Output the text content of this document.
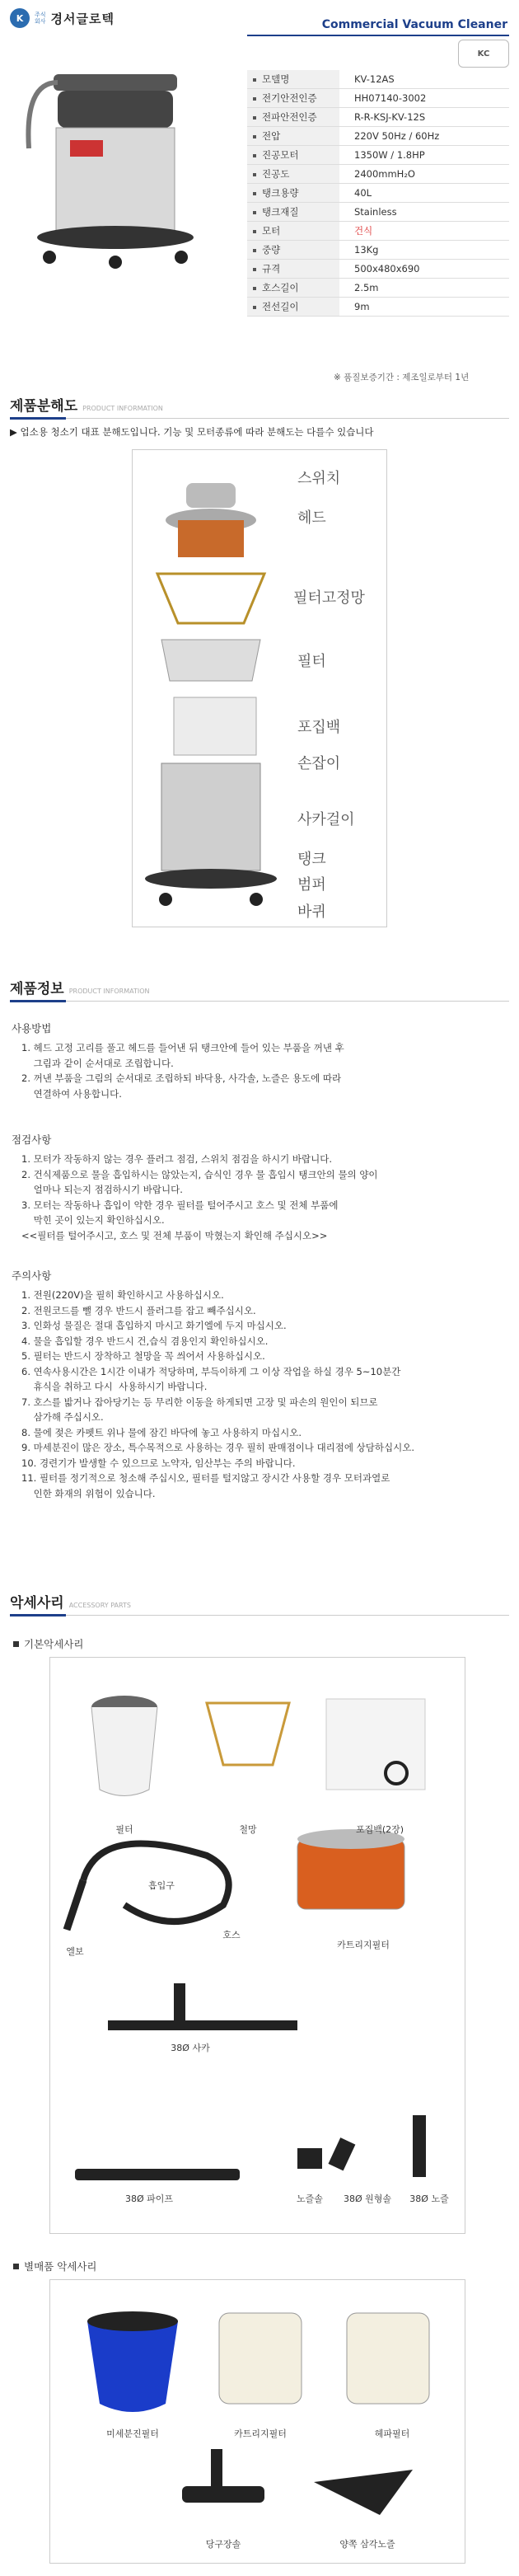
K	주식
회사 경서글로텍	Commercial Vacuum Cleaner
KC
모델명	KV-12AS
전기안전인증	HH07140-3002
전파안전인증	R-R-KSJ-KV-12S
전압	220V 50Hz / 60Hz
진공모터	1350W / 1.8HP
진공도	2400mmH₂O
탱크용량	40L
탱크재질	Stainless
모터	건식
중량	13Kg
규격	500x480x690
호스길이	2.5m
전선길이	9m
※ 품질보증기간 : 제조일로부터 1년
제품분해도 PRODUCT INFORMATION
▶ 업소용 청소기 대표 분해도입니다. 기능 및 모터종류에 따라 분해도는 다를수 있습니다
스위치
헤드
필터고정망
필터
포집백
손잡이
사카걸이
탱크
범퍼
바퀴
제품정보 PRODUCT INFORMATION
사용방법
1. 헤드 고정 고리를 풀고 헤드를 들어낸 뒤 탱크안에 들어 있는 부품을 꺼낸 후
그림과 같이 순서대로 조립합니다.
2. 꺼낸 부품을 그림의 순서대로 조립하되 바닥용, 사각솔, 노즐은 용도에 따라
연결하여 사용합니다.
점검사항
1. 모터가 작동하지 않는 경우 플러그 점검, 스위치 점검을 하시기 바랍니다.
2. 건식제품으로 물을 흡입하시는 않았는지, 습식인 경우 물 흡입시 탱크안의 물의 양이
얼마나 되는지 점검하시기 바랍니다.
3. 모터는 작동하나 흡입이 약한 경우 필터를 털어주시고 호스 및 전체 부품에
막힌 곳이 있는지 확인하십시오.
<<필터를 털어주시고, 호스 및 전체 부품이 막혔는지 확인해 주십시오>>
주의사항
1. 전원(220V)을 필히 확인하시고 사용하십시오.
2. 전원코드를 뺄 경우 반드시 플러그를 잡고 빼주십시오.
3. 인화성 물질은 절대 흡입하지 마시고 화기엘에 두지 마십시오.
4. 물을 흡입할 경우 반드시 건,습식 겸용인지 확인하십시오.
5. 필터는 반드시 장착하고 철망을 꼭 씌어서 사용하십시오.
6. 연속사용시간은 1시간 이내가 적당하며, 부득이하게 그 이상 작업을 하실 경우 5~10분간
휴식을 취하고 다시  사용하시기 바랍니다.
7. 호스를 밟거나 잡아당기는 등 무리한 이동을 하게되면 고장 및 파손의 원인이 되므로
삼가해 주십시오.
8. 물에 젖은 카펫트 위나 물에 잠긴 바닥에 놓고 사용하지 마십시오.
9. 마세분진이 많은 장소, 특수목적으로 사용하는 경우 필히 판매점이나 대리점에 상담하십시오.
10. 경련기가 발생할 수 있으므로 노약자, 임산부는 주의 바랍니다.
11. 필터를 정기적으로 청소해 주십시오, 필터를 털지않고 장시간 사용할 경우 모터과열로
인한 화재의 위험이 있습니다.
악세사리 ACCESSORY PARTS
기본악세사리
필터	철망	포집백(2장)
흡입구
호스
엘보
카트리지필터
38Ø 사카
38Ø 파이프	노즐솔	38Ø 원형솔	38Ø 노즐
별매품 악세사리
미세분진필터	카트리지필터	헤파필터
당구장솔	양쪽 삼각노즐
